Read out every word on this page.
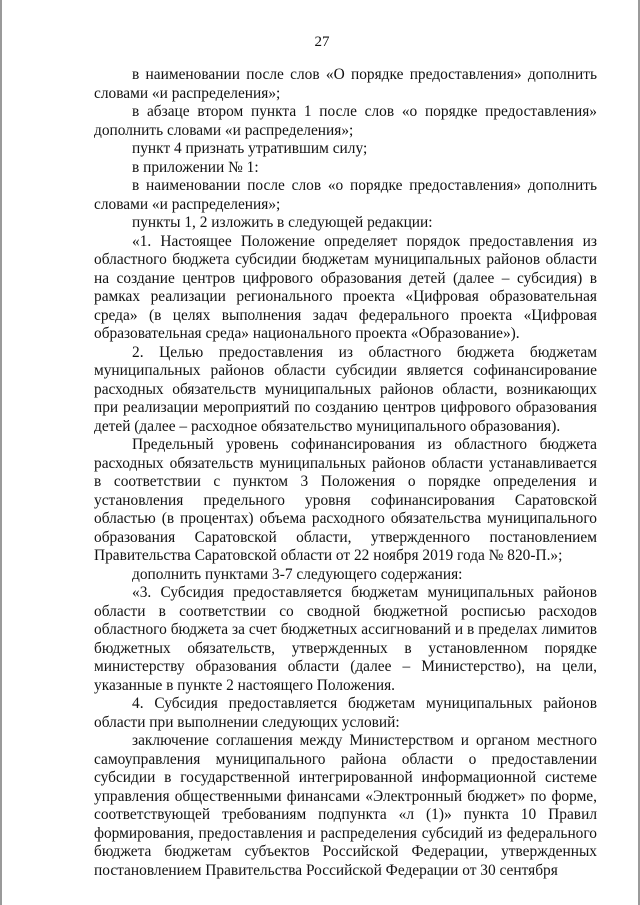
27

в наименовании после слов «О порядке предоставления» дополнить словами «и распределения»;

в абзаце втором пункта 1 после слов «о порядке предоставления» дополнить словами «и распределения»;

пункт 4 признать утратившим силу;

в приложении № 1:

в наименовании после слов «о порядке предоставления» дополнить словами «и распределения»;

пункты 1, 2 изложить в следующей редакции:

«1. Настоящее Положение определяет порядок предоставления из областного бюджета субсидии бюджетам муниципальных районов области на создание центров цифрового образования детей (далее – субсидия) в рамках реализации регионального проекта «Цифровая образовательная среда» (в целях выполнения задач федерального проекта «Цифровая образовательная среда» национального проекта «Образование»).

2. Целью предоставления из областного бюджета бюджетам муниципальных районов области субсидии является софинансирование расходных обязательств муниципальных районов области, возникающих при реализации мероприятий по созданию центров цифрового образования детей (далее – расходное обязательство муниципального образования).

Предельный уровень софинансирования из областного бюджета расходных обязательств муниципальных районов области устанавливается в соответствии с пунктом 3 Положения о порядке определения и установления предельного уровня софинансирования Саратовской областью (в процентах) объема расходного обязательства муниципального образования Саратовской области, утвержденного постановлением Правительства Саратовской области от 22 ноября 2019 года № 820-П.»;

дополнить пунктами 3-7 следующего содержания:

«3. Субсидия предоставляется бюджетам муниципальных районов области в соответствии со сводной бюджетной росписью расходов областного бюджета за счет бюджетных ассигнований и в пределах лимитов бюджетных обязательств, утвержденных в установленном порядке министерству образования области (далее – Министерство), на цели, указанные в пункте 2 настоящего Положения.

4. Субсидия предоставляется бюджетам муниципальных районов области при выполнении следующих условий:

заключение соглашения между Министерством и органом местного самоуправления муниципального района области о предоставлении субсидии в государственной интегрированной информационной системе управления общественными финансами «Электронный бюджет» по форме, соответствующей требованиям подпункта «л (1)» пункта 10 Правил формирования, предоставления и распределения субсидий из федерального бюджета бюджетам субъектов Российской Федерации, утвержденных постановлением Правительства Российской Федерации от 30 сентября
